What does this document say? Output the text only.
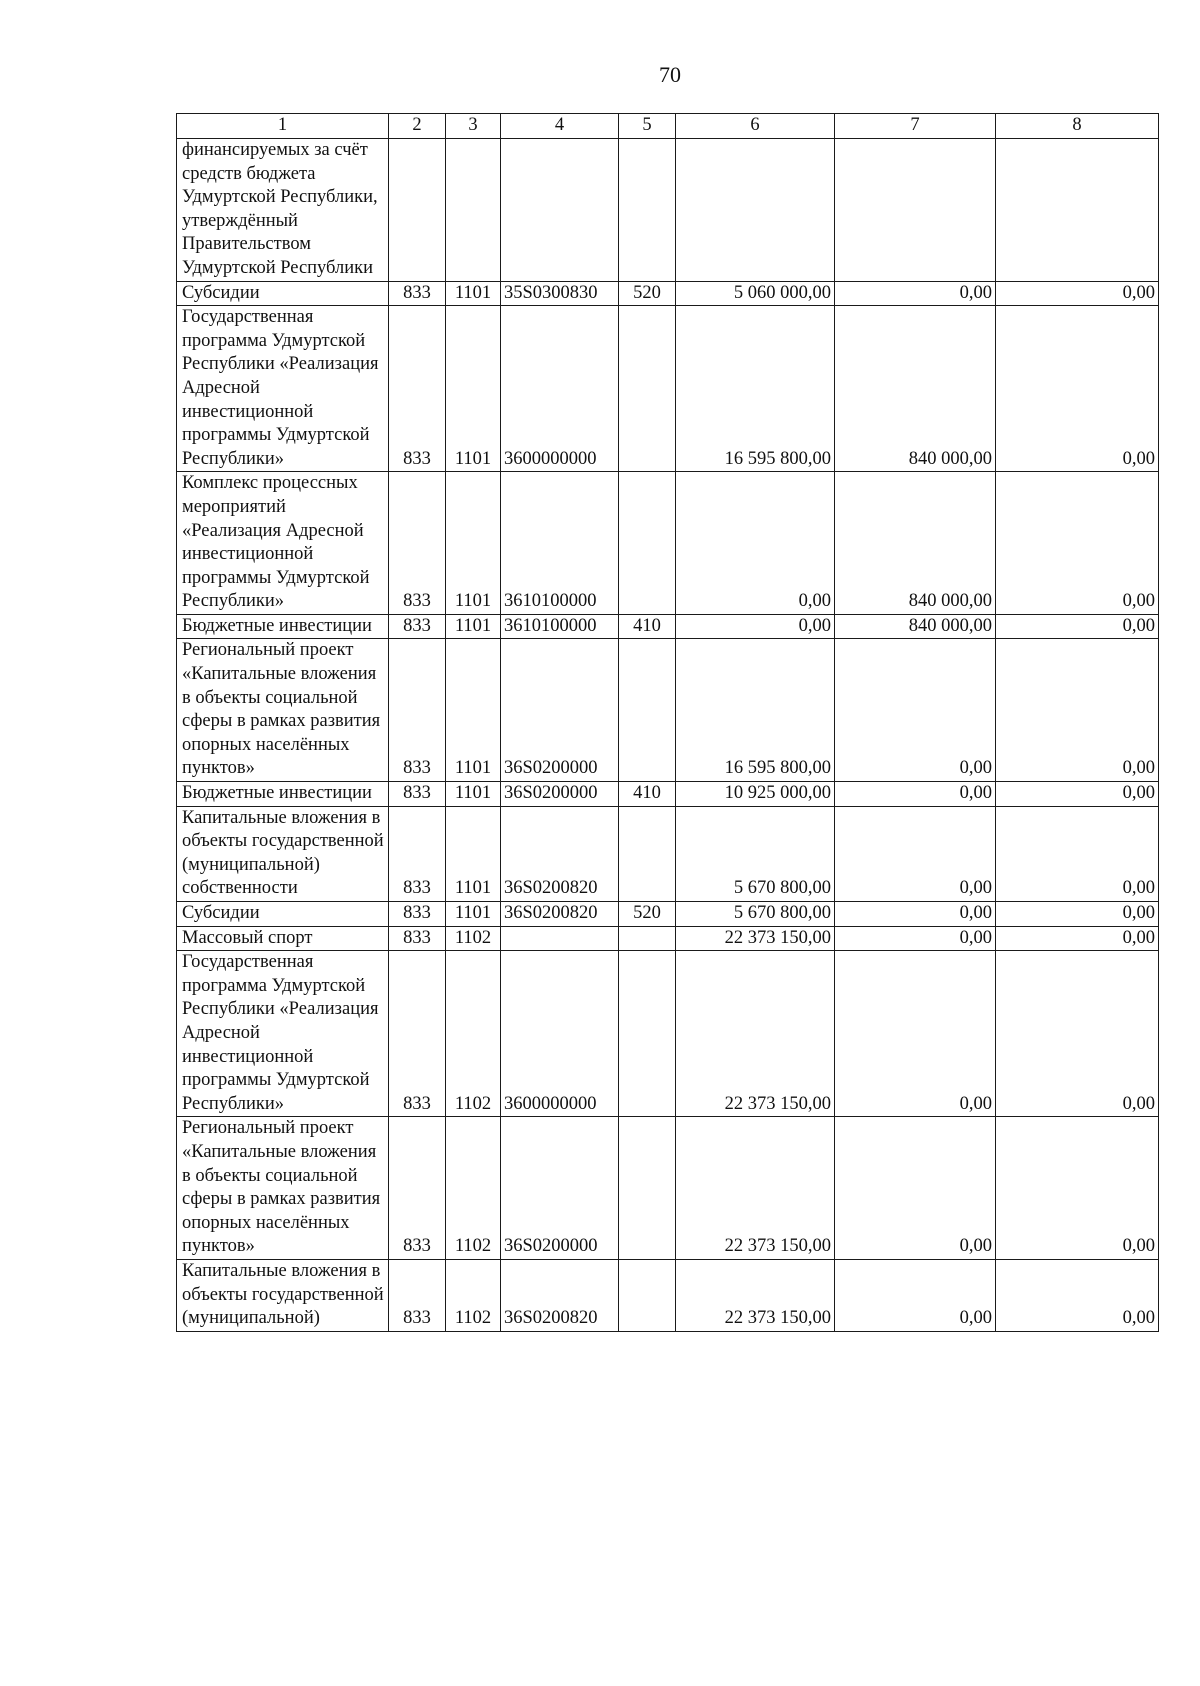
70
1	2	3	4	5	6	7	8
финансируемых за счёт средств бюджета Удмуртской Республики, утверждённый Правительством Удмуртской Республики							
Субсидии	833	1101	35S0300830	520	5 060 000,00	0,00	0,00
Государственная программа Удмуртской Республики «Реализация Адресной инвестиционной программы Удмуртской Республики»	833	1101	3600000000		16 595 800,00	840 000,00	0,00
Комплекс процессных мероприятий «Реализация Адресной инвестиционной программы Удмуртской Республики»	833	1101	3610100000		0,00	840 000,00	0,00
Бюджетные инвестиции	833	1101	3610100000	410	0,00	840 000,00	0,00
Региональный проект «Капитальные вложения в объекты социальной сферы в рамках развития опорных населённых пунктов»	833	1101	36S0200000		16 595 800,00	0,00	0,00
Бюджетные инвестиции	833	1101	36S0200000	410	10 925 000,00	0,00	0,00
Капитальные вложения в объекты государственной (муниципальной) собственности	833	1101	36S0200820		5 670 800,00	0,00	0,00
Субсидии	833	1101	36S0200820	520	5 670 800,00	0,00	0,00
Массовый спорт	833	1102			22 373 150,00	0,00	0,00
Государственная программа Удмуртской Республики «Реализация Адресной инвестиционной программы Удмуртской Республики»	833	1102	3600000000		22 373 150,00	0,00	0,00
Региональный проект «Капитальные вложения в объекты социальной сферы в рамках развития опорных населённых пунктов»	833	1102	36S0200000		22 373 150,00	0,00	0,00
Капитальные вложения в объекты государственной (муниципальной)	833	1102	36S0200820		22 373 150,00	0,00	0,00
